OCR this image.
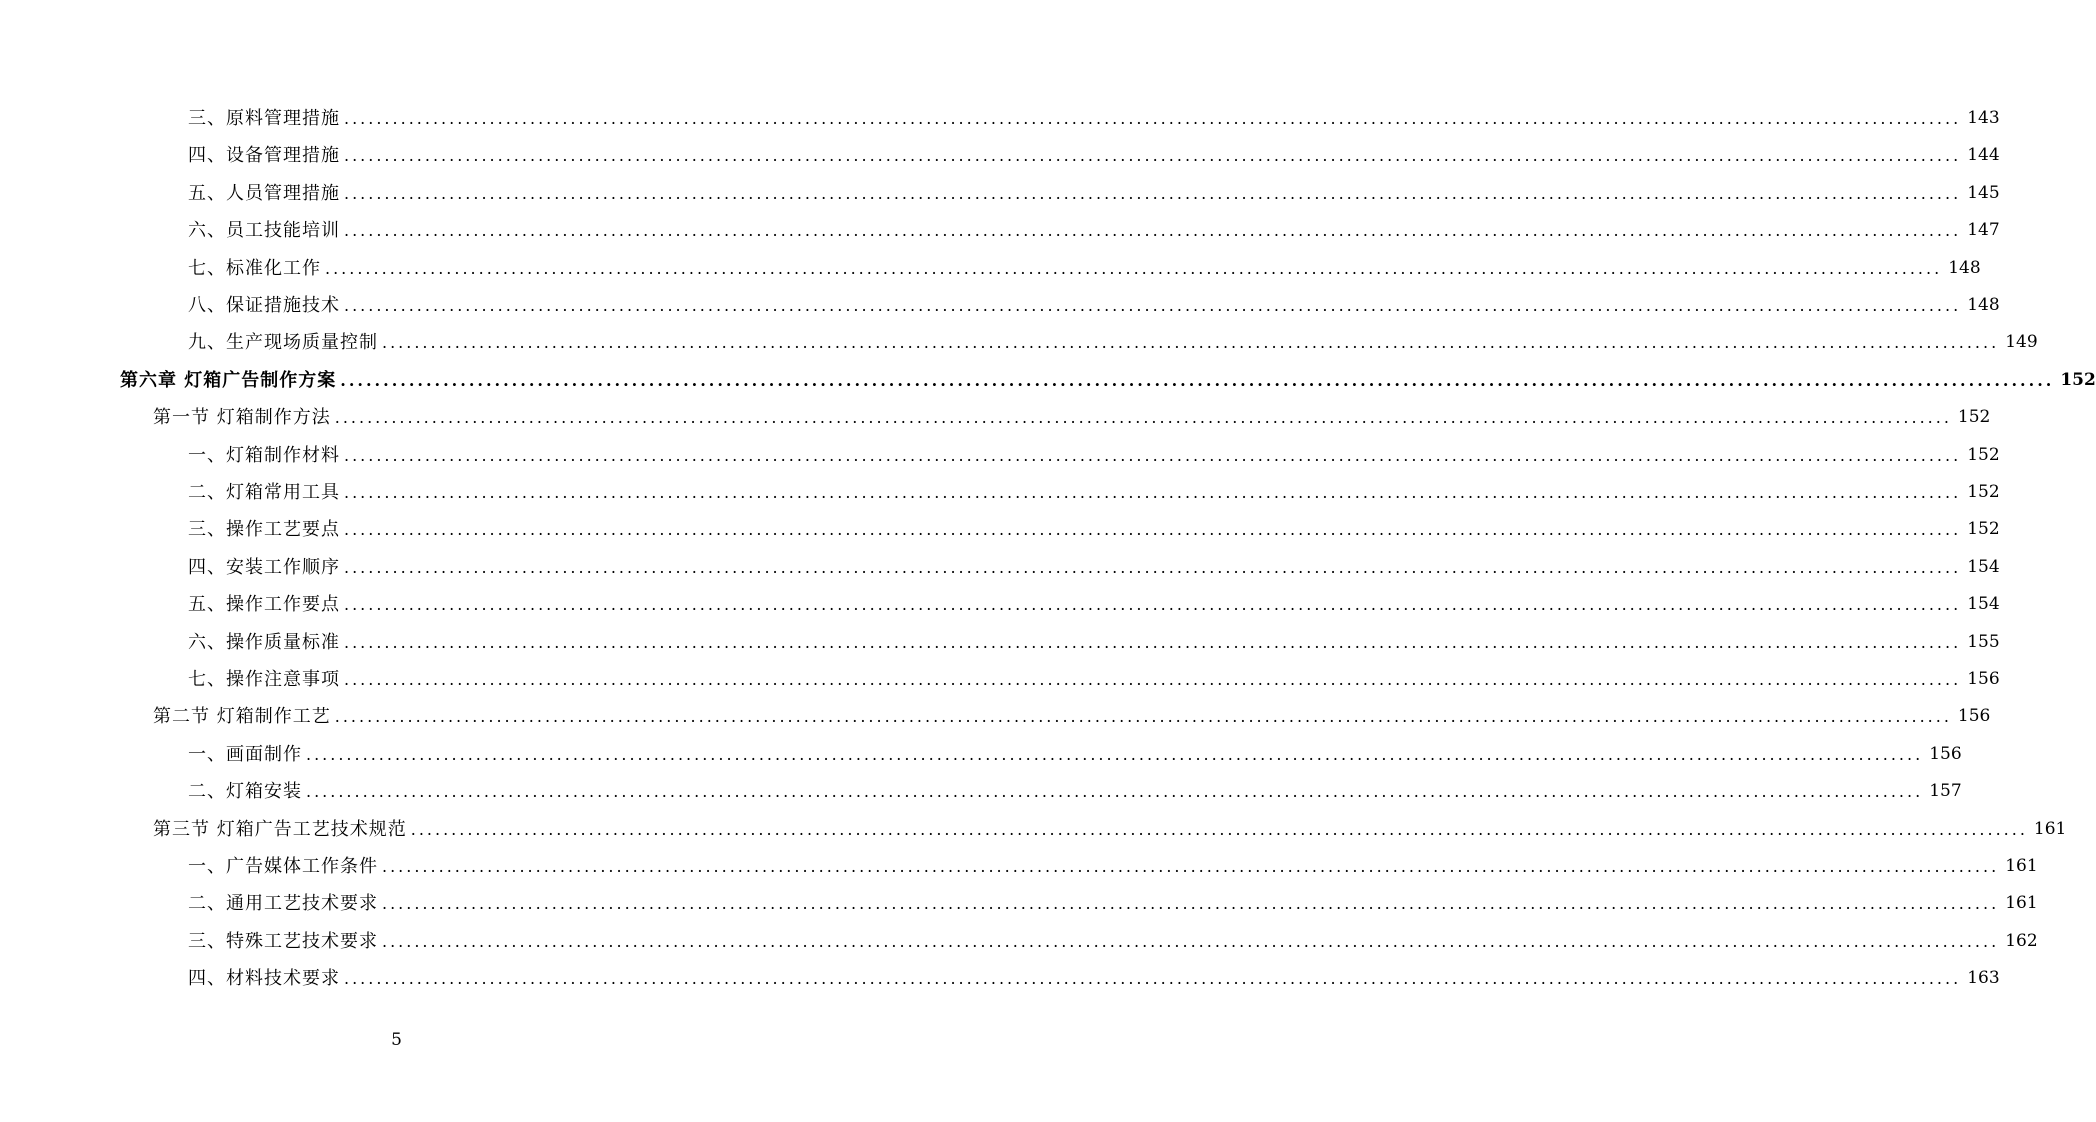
三、原料管理措施 ........................................................................................................................................................................................................ 143
四、设备管理措施 ........................................................................................................................................................................................................ 144
五、人员管理措施 ........................................................................................................................................................................................................ 145
六、员工技能培训 ........................................................................................................................................................................................................ 147
七、标准化工作 ........................................................................................................................................................................................................ 148
八、保证措施技术 ........................................................................................................................................................................................................ 148
九、生产现场质量控制 ........................................................................................................................................................................................................ 149
第六章 灯箱广告制作方案 ........................................................................................................................................................................................................ 152
第一节 灯箱制作方法 ........................................................................................................................................................................................................ 152
一、灯箱制作材料 ........................................................................................................................................................................................................ 152
二、灯箱常用工具 ........................................................................................................................................................................................................ 152
三、操作工艺要点 ........................................................................................................................................................................................................ 152
四、安装工作顺序 ........................................................................................................................................................................................................ 154
五、操作工作要点 ........................................................................................................................................................................................................ 154
六、操作质量标准 ........................................................................................................................................................................................................ 155
七、操作注意事项 ........................................................................................................................................................................................................ 156
第二节 灯箱制作工艺 ........................................................................................................................................................................................................ 156
一、画面制作 ........................................................................................................................................................................................................ 156
二、灯箱安装 ........................................................................................................................................................................................................ 157
第三节 灯箱广告工艺技术规范 ........................................................................................................................................................................................................ 161
一、广告媒体工作条件 ........................................................................................................................................................................................................ 161
二、通用工艺技术要求 ........................................................................................................................................................................................................ 161
三、特殊工艺技术要求 ........................................................................................................................................................................................................ 162
四、材料技术要求 ........................................................................................................................................................................................................ 163
5
